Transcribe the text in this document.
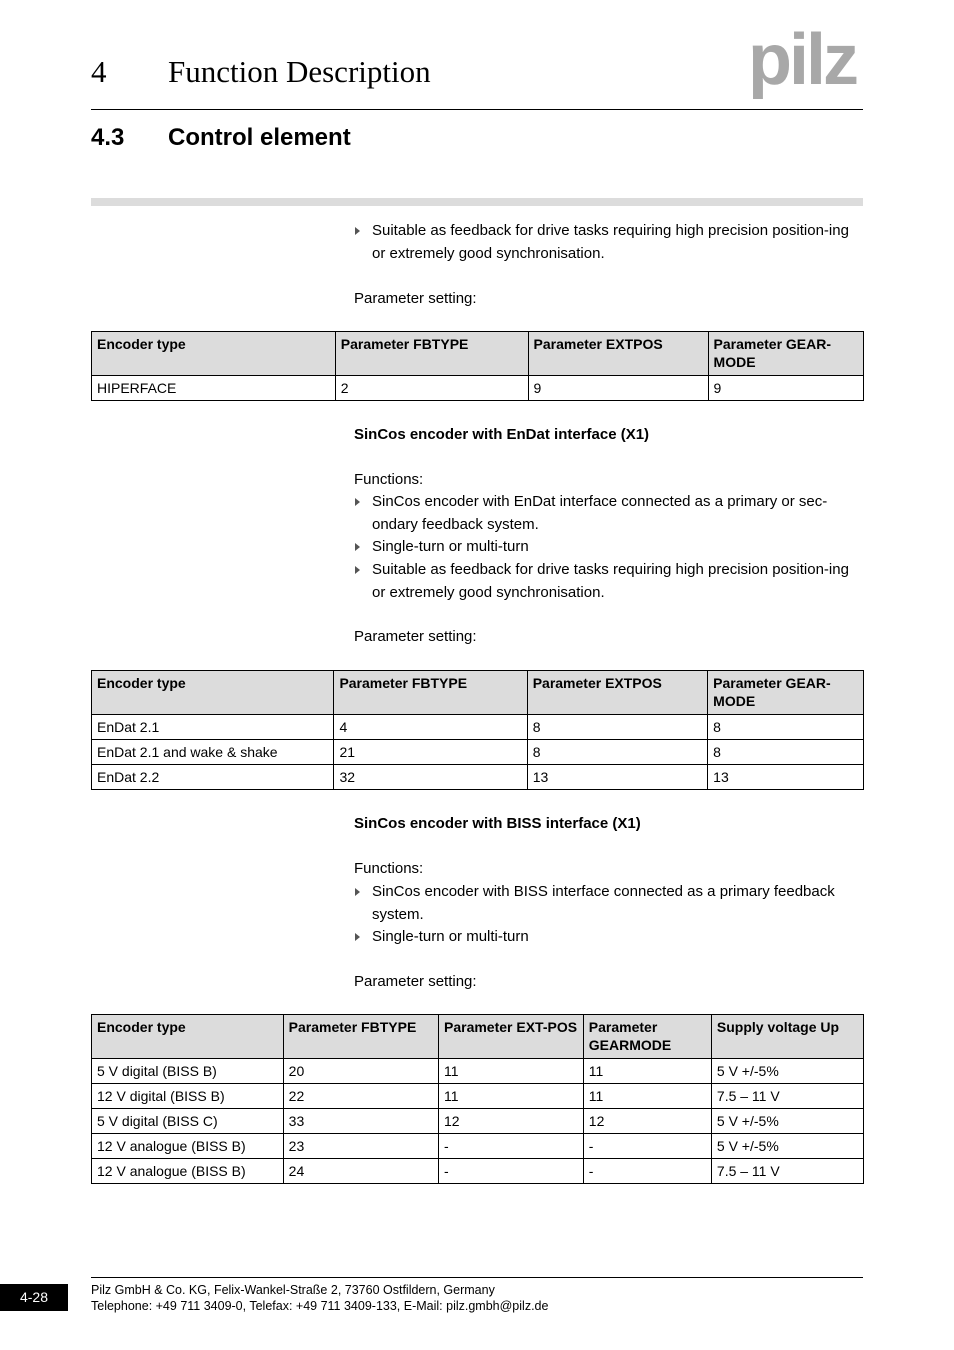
4 Function Description	pilz
4.3 Control element
Suitable as feedback for drive tasks requiring high precision position-ing or extremely good synchronisation.
Parameter setting:
Encoder type	Parameter FBTYPE	Parameter EXTPOS	Parameter GEAR-MODE
HIPERFACE	2	9	9
SinCos encoder with EnDat interface (X1)
Functions:
SinCos encoder with EnDat interface connected as a primary or sec-ondary feedback system.
Single-turn or multi-turn
Suitable as feedback for drive tasks requiring high precision position-ing or extremely good synchronisation.
Parameter setting:
Encoder type	Parameter FBTYPE	Parameter EXTPOS	Parameter GEAR-MODE
EnDat 2.1	4	8	8
EnDat 2.1 and wake & shake	21	8	8
EnDat 2.2	32	13	13
SinCos encoder with BISS interface (X1)
Functions:
SinCos encoder with BISS interface connected as a primary feedback system.
Single-turn or multi-turn
Parameter setting:
Encoder type	Parameter FBTYPE	Parameter EXT-POS	Parameter GEARMODE	Supply voltage Up
5 V digital (BISS B)	20	11	11	5 V +/-5%
12 V digital (BISS B)	22	11	11	7.5 – 11 V
5 V digital (BISS C)	33	12	12	5 V +/-5%
12 V analogue (BISS B)	23	-	-	5 V +/-5%
12 V analogue (BISS B)	24	-	-	7.5 – 11 V
4-28	Pilz GmbH & Co. KG, Felix-Wankel-Straße 2, 73760 Ostfildern, Germany
Telephone: +49 711 3409-0, Telefax: +49 711 3409-133, E-Mail: pilz.gmbh@pilz.de
